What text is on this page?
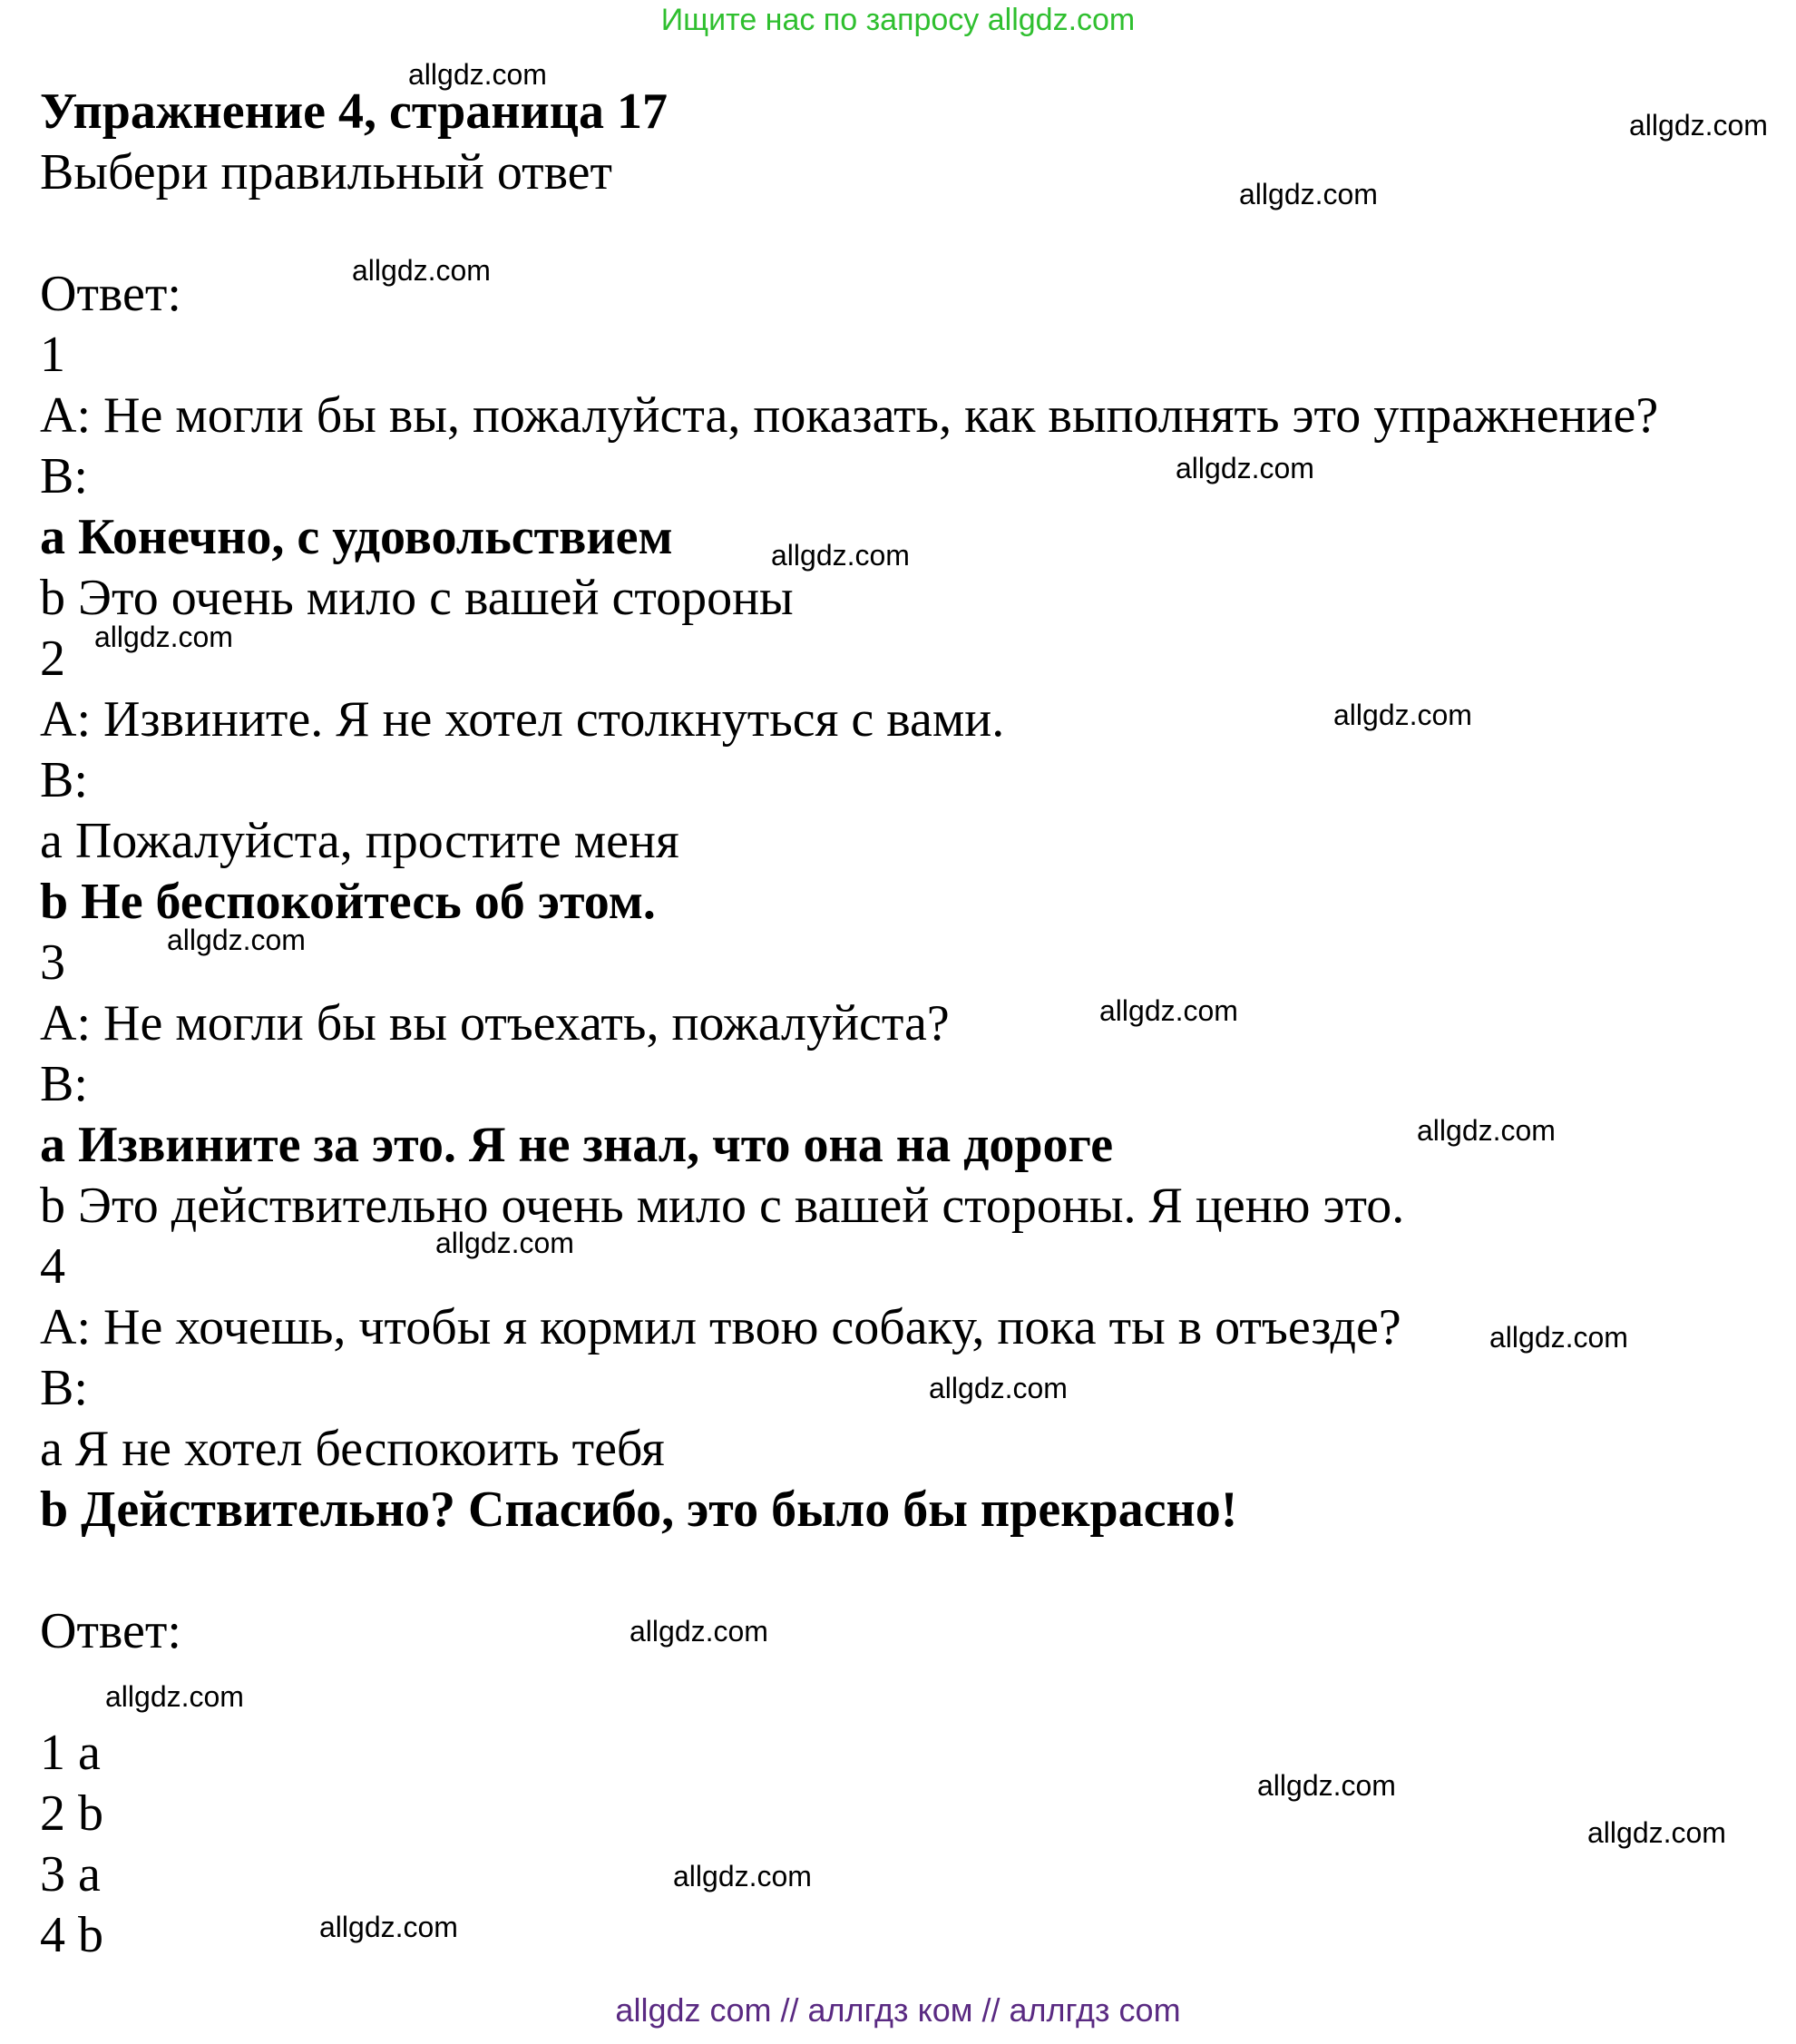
Ищите нас по запросу allgdz.com
Упражнение 4, страница 17
Выбери правильный ответ
Ответ:
1
A: Не могли бы вы, пожалуйста, показать, как выполнять это упражнение?
B:
a Конечно, с удовольствием
b Это очень мило с вашей стороны
2
A: Извините. Я не хотел столкнуться с вами.
B:
a Пожалуйста, простите меня
b Не беспокойтесь об этом.
3
A: Не могли бы вы отъехать, пожалуйста?
B:
a Извините за это. Я не знал, что она на дороге
b Это действительно очень мило с вашей стороны. Я ценю это.
4
A: Не хочешь, чтобы я кормил твою собаку, пока ты в отъезде?
B:
a Я не хотел беспокоить тебя
b Действительно? Спасибо, это было бы прекрасно!
Ответ:
1 a
2 b
3 a
4 b
allgdz.com
allgdz.com
allgdz.com
allgdz.com
allgdz.com
allgdz.com
allgdz.com
allgdz.com
allgdz.com
allgdz.com
allgdz.com
allgdz.com
allgdz.com
allgdz.com
allgdz.com
allgdz.com
allgdz.com
allgdz.com
allgdz.com
allgdz.com
allgdz com // аллгдз ком // аллгдз com
